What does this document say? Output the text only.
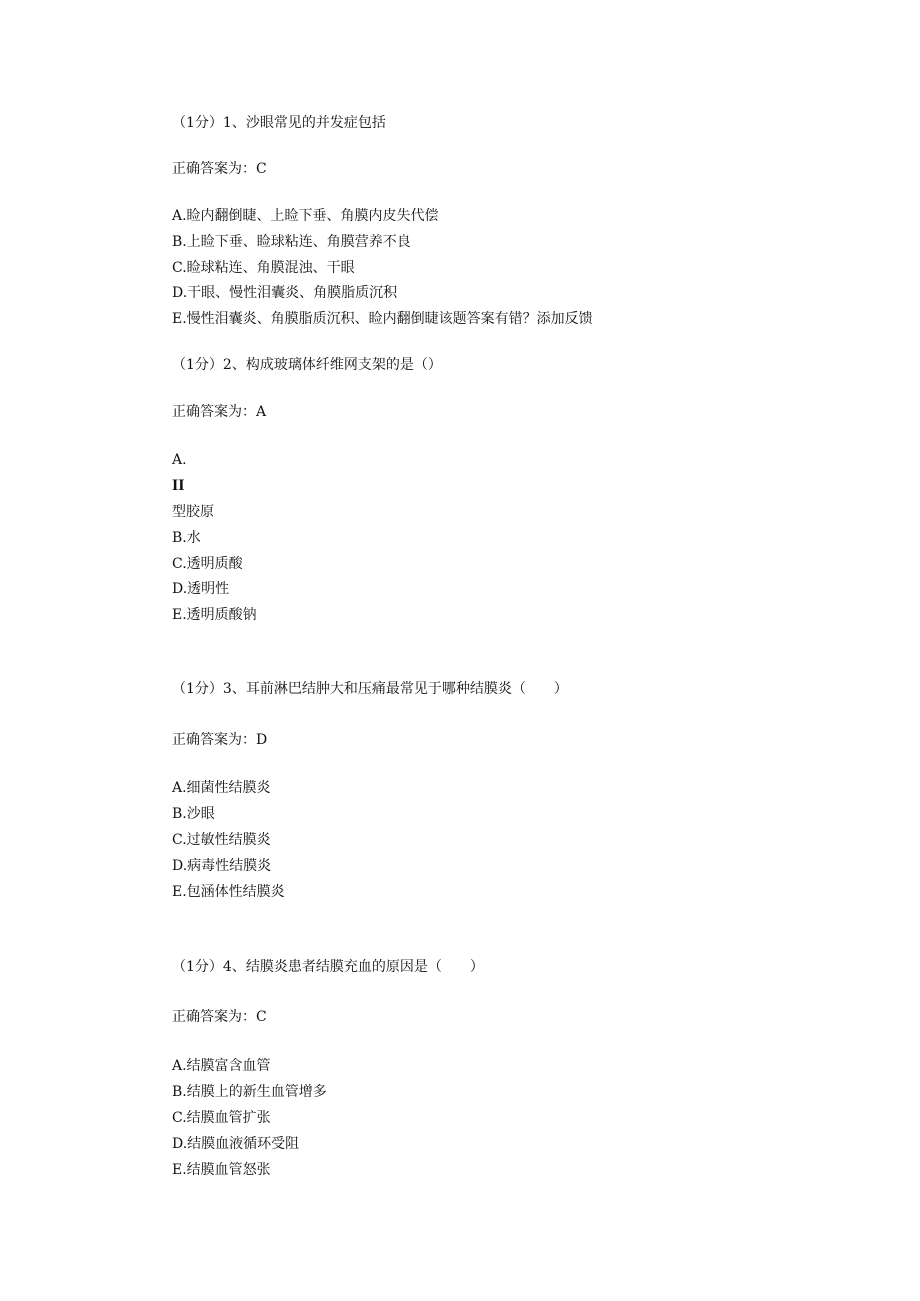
（1分）1、沙眼常见的并发症包括
正确答案为：C
A.睑内翻倒睫、上睑下垂、角膜内皮失代偿
B.上睑下垂、睑球粘连、角膜营养不良
C.睑球粘连、角膜混浊、干眼
D.干眼、慢性泪囊炎、角膜脂质沉积
E.慢性泪囊炎、角膜脂质沉积、睑内翻倒睫该题答案有错？添加反馈
（1分）2、构成玻璃体纤维网支架的是（）
正确答案为：A
A.
II
型胶原
B.水
C.透明质酸
D.透明性
E.透明质酸钠
（1分）3、耳前淋巴结肿大和压痛最常见于哪种结膜炎（　　）
正确答案为：D
A.细菌性结膜炎
B.沙眼
C.过敏性结膜炎
D.病毒性结膜炎
E.包涵体性结膜炎
（1分）4、结膜炎患者结膜充血的原因是（　　）
正确答案为：C
A.结膜富含血管
B.结膜上的新生血管增多
C.结膜血管扩张
D.结膜血液循环受阻
E.结膜血管怒张
